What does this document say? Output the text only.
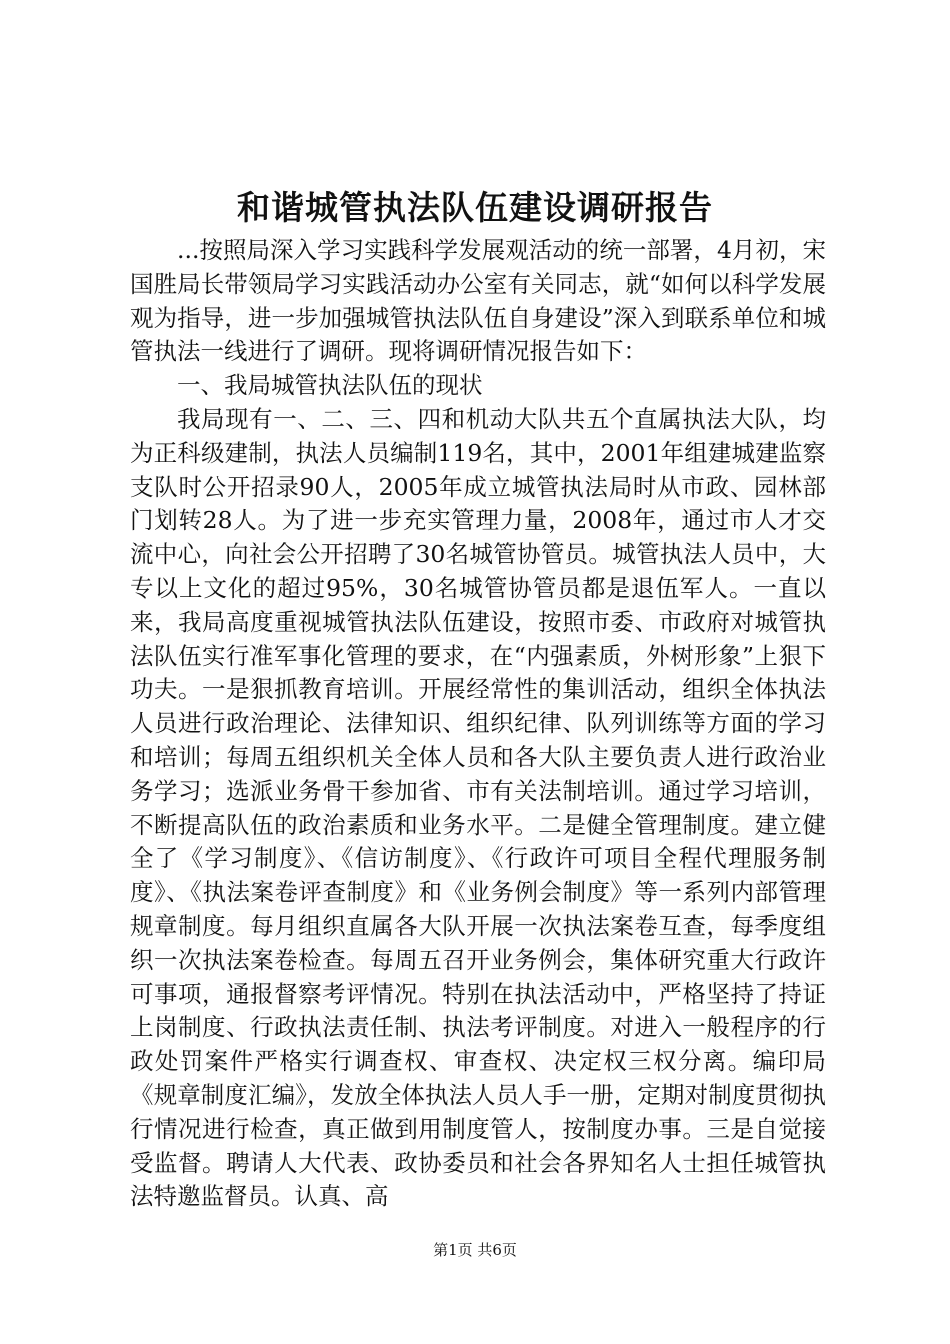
和谐城管执法队伍建设调研报告

...按照局深入学习实践科学发展观活动的统一部署，4月初，宋国胜局长带领局学习实践活动办公室有关同志，就“如何以科学发展观为指导，进一步加强城管执法队伍自身建设”深入到联系单位和城管执法一线进行了调研。现将调研情况报告如下：

一、我局城管执法队伍的现状

我局现有一、二、三、四和机动大队共五个直属执法大队，均为正科级建制，执法人员编制119名，其中，2001年组建城建监察支队时公开招录90人，2005年成立城管执法局时从市政、园林部门划转28人。为了进一步充实管理力量，2008年，通过市人才交流中心，向社会公开招聘了30名城管协管员。城管执法人员中，大专以上文化的超过95%，30名城管协管员都是退伍军人。一直以来，我局高度重视城管执法队伍建设，按照市委、市政府对城管执法队伍实行准军事化管理的要求，在“内强素质，外树形象”上狠下功夫。一是狠抓教育培训。开展经常性的集训活动，组织全体执法人员进行政治理论、法律知识、组织纪律、队列训练等方面的学习和培训；每周五组织机关全体人员和各大队主要负责人进行政治业务学习；选派业务骨干参加省、市有关法制培训。通过学习培训，不断提高队伍的政治素质和业务水平。二是健全管理制度。建立健全了《学习制度》、《信访制度》、《行政许可项目全程代理服务制度》、《执法案卷评查制度》和《业务例会制度》等一系列内部管理规章制度。每月组织直属各大队开展一次执法案卷互查，每季度组织一次执法案卷检查。每周五召开业务例会，集体研究重大行政许可事项，通报督察考评情况。特别在执法活动中，严格坚持了持证上岗制度、行政执法责任制、执法考评制度。对进入一般程序的行政处罚案件严格实行调查权、审查权、决定权三权分离。编印局《规章制度汇编》，发放全体执法人员人手一册，定期对制度贯彻执行情况进行检查，真正做到用制度管人，按制度办事。三是自觉接受监督。聘请人大代表、政协委员和社会各界知名人士担任城管执法特邀监督员。认真、高

第1页 共6页
